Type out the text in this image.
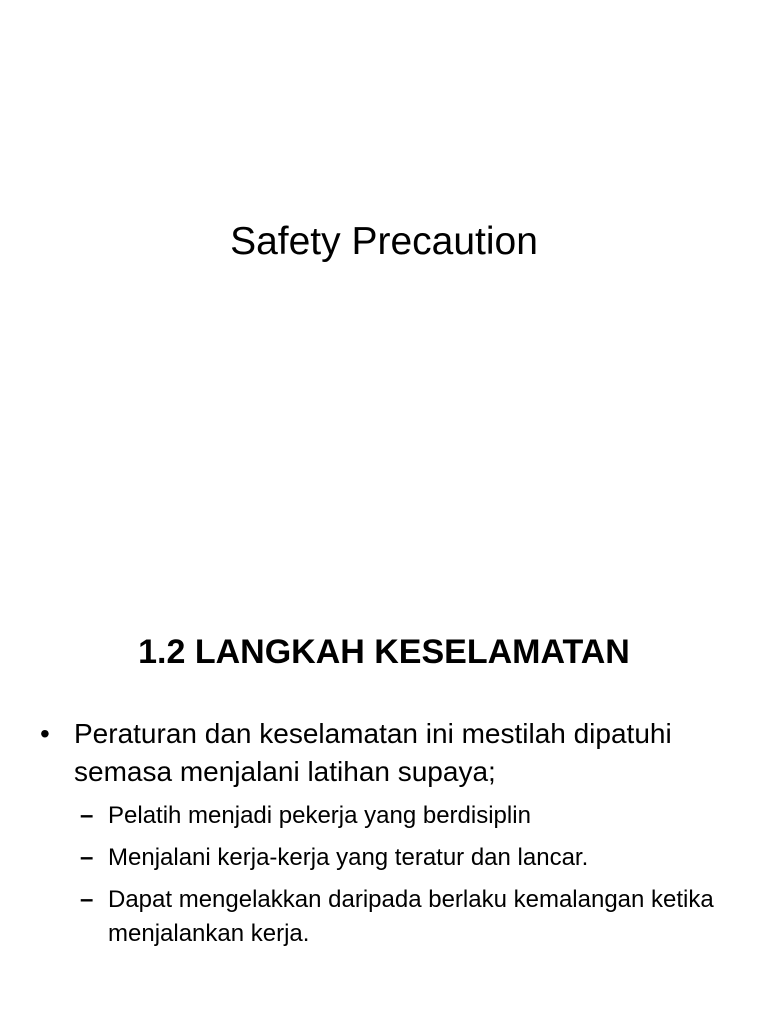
Safety Precaution
1.2 LANGKAH KESELAMATAN
• Peraturan dan keselamatan ini mestilah dipatuhi semasa menjalani latihan supaya;
– Pelatih menjadi pekerja yang berdisiplin
– Menjalani kerja-kerja yang teratur dan lancar.
– Dapat mengelakkan daripada berlaku kemalangan ketika menjalankan kerja.
